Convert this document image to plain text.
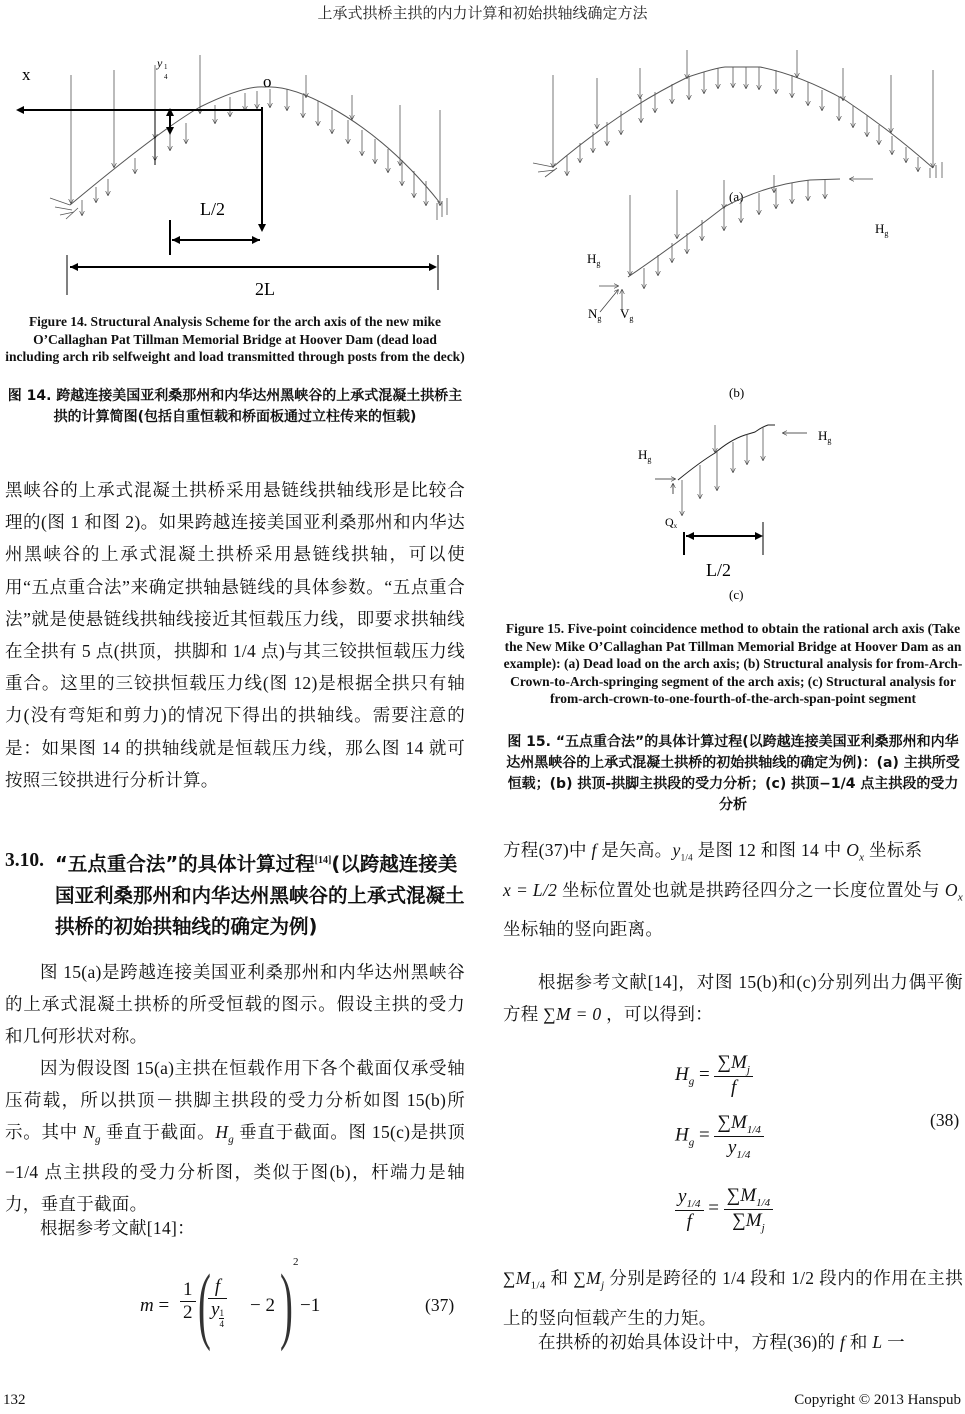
上承式拱桥主拱的内力计算和初始拱轴线确定方法
x	o
y 1
4
L/2
2L
Figure 14. Structural Analysis Scheme for the arch axis of the new mike O’Callaghan Pat Tillman Memorial Bridge at Hoover Dam (dead load including arch rib selfweight and load transmitted through posts from the deck)
图 14. 跨越连接美国亚利桑那州和内华达州黑峡谷的上承式混凝土拱桥主拱的计算简图(包括自重恒载和桥面板通过立柱传来的恒载)

黑峡谷的上承式混凝土拱桥采用悬链线拱轴线形是比较合理的(图 1 和图 2)。如果跨越连接美国亚利桑那州和内华达州黑峡谷的上承式混凝土拱桥采用悬链线拱轴，可以使用“五点重合法”来确定拱轴悬链线的具体参数。“五点重合法”就是使悬链线拱轴线接近其恒载压力线，即要求拱轴线在全拱有 5 点(拱顶，拱脚和 1/4 点)与其三铰拱恒载压力线重合。这里的三铰拱恒载压力线(图 12)是根据全拱只有轴力(没有弯矩和剪力)的情况下得出的拱轴线。需要注意的是：如果图 14 的拱轴线就是恒载压力线，那么图 14 就可按照三铰拱进行分析计算。

3.10. “五点重合法”的具体计算过程[14](以跨越连接美国亚利桑那州和内华达州黑峡谷的上承式混凝土拱桥的初始拱轴线的确定为例)

图 15(a)是跨越连接美国亚利桑那州和内华达州黑峡谷的上承式混凝土拱桥的所受恒载的图示。假设主拱的受力和几何形状对称。

因为假设图 15(a)主拱在恒载作用下各个截面仅承受轴压荷载，所以拱顶－拱脚主拱段的受力分析如图 15(b)所示。其中 $N_g$ 垂直于截面。$H_g$ 垂直于截面。图 15(c)是拱顶−1/4 点主拱段的受力分析图，类似于图(b)，杆端力是轴力，垂直于截面。

根据参考文献[14]：

$m = \frac{1}{2}$ (
$\frac{f}{y \frac{1}{4}} - 2$ ) 2
−1	(37)
(a)
$H_g$
$H_g$
$N_g$ $V_g$
(b)
$H_g$
$H_g$
Qx
L/2
(c)
Figure 15. Five-point coincidence method to obtain the rational arch axis (Take the New Mike O’Callaghan Pat Tillman Memorial Bridge at Hoover Dam as an example): (a) Dead load on the arch axis; (b) Structural analysis for from-Arch-Crown-to-Arch-springing segment of the arch axis; (c) Structural analysis for from-arch-crown-to-one-fourth-of-the-arch-span-point segment
图 15. “五点重合法”的具体计算过程(以跨越连接美国亚利桑那州和内华达州黑峡谷的上承式混凝土拱桥的初始拱轴线的确定为例)：(a) 主拱所受恒载；(b) 拱顶-拱脚主拱段的受力分析；(c) 拱顶−1/4 点主拱段的受力分析

方程(37)中 f 是矢高。$y_{1/4}$ 是图 12 和图 14 中 $O_x$ 坐标系
x = L/2 坐标位置处也就是拱跨径四分之一长度位置处与 $O_x$ 坐标轴的竖向距离。

根据参考文献[14]，对图 15(b)和(c)分别列出力偶平衡方程 ∑M = 0 ，可以得到：

$H_g = \frac{\sum M_j}{f}$
$H_g = \frac{\sum M_{1/4}}{y_{1/4}}$
$\frac{y_{1/4}}{f} = \frac{\sum M_{1/4}}{\sum M_j}$
(38)

$\sum M_{1/4}$ 和 $\sum M_j$ 分别是跨径的 1/4 段和 1/2 段内的作用在主拱上的竖向恒载产生的力矩。

在拱桥的初始具体设计中，方程(36)的 f 和 L 一

132	Copyright © 2013 Hanspub
